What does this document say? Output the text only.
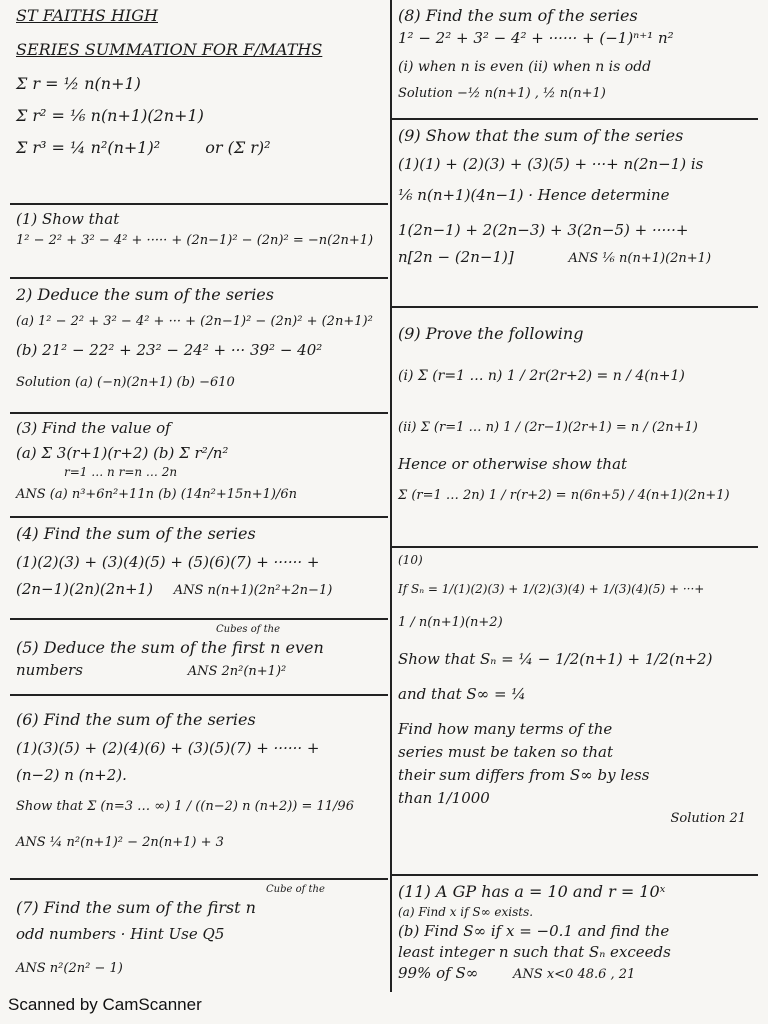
ST FAITHS HIGH
SERIES SUMMATION FOR F/MATHS
Σ r = ½ n(n+1)
Σ r² = ⅙ n(n+1)(2n+1)
Σ r³ = ¼ n²(n+1)²	or (Σ r)²
(1) Show that
1² − 2² + 3² − 4² + ····· + (2n−1)² − (2n)² = −n(2n+1)
2) Deduce the sum of the series
(a) 1² − 2² + 3² − 4² + ··· + (2n−1)² − (2n)² + (2n+1)²
(b) 21² − 22² + 23² − 24² + ··· 39² − 40²
Solution (a) (−n)(2n+1) (b) −610
(3) Find the value of
(a) Σ 3(r+1)(r+2) (b) Σ r²/n²
r=1 … n r=n … 2n
ANS (a) n³+6n²+11n (b) (14n²+15n+1)/6n
(4) Find the sum of the series
(1)(2)(3) + (3)(4)(5) + (5)(6)(7) + ······ +
(2n−1)(2n)(2n+1) ANS n(n+1)(2n²+2n−1)
Cubes of the
(5) Deduce the sum of the first n even
numbers	ANS 2n²(n+1)²
(6) Find the sum of the series
(1)(3)(5) + (2)(4)(6) + (3)(5)(7) + ······ +
(n−2) n (n+2).
Show that Σ (n=3 … ∞) 1 / ((n−2) n (n+2)) = 11/96
ANS ¼ n²(n+1)² − 2n(n+1) + 3
Cube of the
(7) Find the sum of the first n
odd numbers · Hint Use Q5
ANS n²(2n² − 1)
(8) Find the sum of the series
1² − 2² + 3² − 4² + ······ + (−1)ⁿ⁺¹ n²
(i) when n is even (ii) when n is odd
Solution −½ n(n+1) , ½ n(n+1)
(9) Show that the sum of the series
(1)(1) + (2)(3) + (3)(5) + ···+ n(2n−1) is
⅙ n(n+1)(4n−1) · Hence determine
1(2n−1) + 2(2n−3) + 3(2n−5) + ·····+
n[2n − (2n−1)]	ANS ⅙ n(n+1)(2n+1)
(9) Prove the following
(i) Σ (r=1 … n) 1 / 2r(2r+2) = n / 4(n+1)
(ii) Σ (r=1 … n) 1 / (2r−1)(2r+1) = n / (2n+1)
Hence or otherwise show that
Σ (r=1 … 2n) 1 / r(r+2) = n(6n+5) / 4(n+1)(2n+1)
(10)
If Sₙ = 1/(1)(2)(3) + 1/(2)(3)(4) + 1/(3)(4)(5) + ···+
1 / n(n+1)(n+2)
Show that Sₙ = ¼ − 1/2(n+1) + 1/2(n+2)
and that S∞ = ¼
Find how many terms of the
series must be taken so that
their sum differs from S∞ by less
than 1/1000
Solution 21
(11) A GP has a = 10 and r = 10ˣ
(a) Find x if S∞ exists.
(b) Find S∞ if x = −0.1 and find the
least integer n such that Sₙ exceeds
99% of S∞	ANS x<0 48.6 , 21
Scanned by CamScanner
